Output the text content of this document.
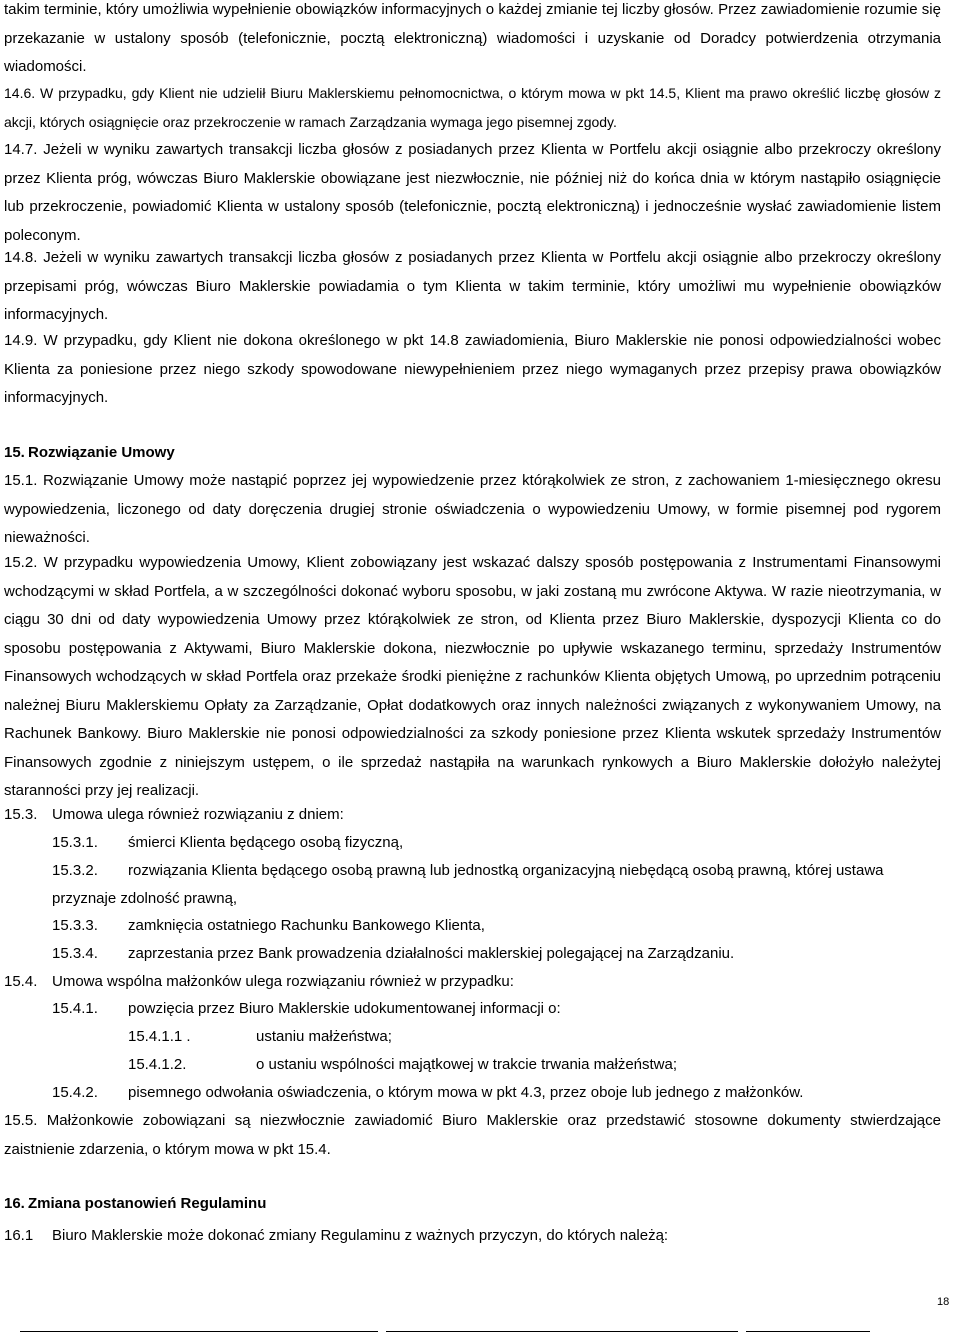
takim terminie, który umożliwia wypełnienie obowiązków informacyjnych o każdej zmianie tej liczby głosów. Przez zawiadomienie rozumie się przekazanie w ustalony sposób (telefonicznie, pocztą elektroniczną) wiadomości i uzyskanie od Doradcy potwierdzenia otrzymania wiadomości.
14.6. W przypadku, gdy Klient nie udzielił Biuru Maklerskiemu pełnomocnictwa, o którym mowa w pkt 14.5, Klient ma prawo określić liczbę głosów z akcji, których osiągnięcie oraz przekroczenie w ramach Zarządzania wymaga jego pisemnej zgody.
14.7. Jeżeli w wyniku zawartych transakcji liczba głosów z posiadanych przez Klienta w Portfelu akcji osiągnie albo przekroczy określony przez Klienta próg, wówczas Biuro Maklerskie obowiązane jest niezwłocznie, nie później niż do końca dnia w którym nastąpiło osiągnięcie lub przekroczenie, powiadomić Klienta w ustalony sposób (telefonicznie, pocztą elektroniczną) i jednocześnie wysłać zawiadomienie listem poleconym.
14.8. Jeżeli w wyniku zawartych transakcji liczba głosów z posiadanych przez Klienta w Portfelu akcji osiągnie albo przekroczy określony przepisami próg, wówczas Biuro Maklerskie powiadamia o tym Klienta w takim terminie, który umożliwi mu wypełnienie obowiązków informacyjnych.
14.9. W przypadku, gdy Klient nie dokona określonego w pkt 14.8 zawiadomienia, Biuro Maklerskie nie ponosi odpowiedzialności wobec Klienta za poniesione przez niego szkody spowodowane niewypełnieniem przez niego wymaganych przez przepisy prawa obowiązków informacyjnych.
15. Rozwiązanie Umowy
15.1. Rozwiązanie Umowy może nastąpić poprzez jej wypowiedzenie przez którąkolwiek ze stron, z zachowaniem 1-miesięcznego okresu wypowiedzenia, liczonego od daty doręczenia drugiej stronie oświadczenia o wypowiedzeniu Umowy, w formie pisemnej pod rygorem nieważności.
15.2. W przypadku wypowiedzenia Umowy, Klient zobowiązany jest wskazać dalszy sposób postępowania z Instrumentami Finansowymi wchodzącymi w skład Portfela, a w szczególności dokonać wyboru sposobu, w jaki zostaną mu zwrócone Aktywa. W razie nieotrzymania, w ciągu 30 dni od daty wypowiedzenia Umowy przez którąkolwiek ze stron, od Klienta przez Biuro Maklerskie, dyspozycji Klienta co do sposobu postępowania z Aktywami, Biuro Maklerskie dokona, niezwłocznie po upływie wskazanego terminu, sprzedaży Instrumentów Finansowych wchodzących w skład Portfela oraz przekaże środki pieniężne z rachunków Klienta objętych Umową, po uprzednim potrąceniu należnej Biuru Maklerskiemu Opłaty za Zarządzanie, Opłat dodatkowych oraz innych należności związanych z wykonywaniem Umowy, na Rachunek Bankowy. Biuro Maklerskie nie ponosi odpowiedzialności za szkody poniesione przez Klienta wskutek sprzedaży Instrumentów Finansowych zgodnie z niniejszym ustępem, o ile sprzedaż nastąpiła na warunkach rynkowych a Biuro Maklerskie dołożyło należytej staranności przy jej realizacji.
15.3. Umowa ulega również rozwiązaniu z dniem:
15.3.1. śmierci Klienta będącego osobą fizyczną,
15.3.2. rozwiązania Klienta będącego osobą prawną lub jednostką organizacyjną niebędącą osobą prawną, której ustawa
przyznaje zdolność prawną,
15.3.3. zamknięcia ostatniego Rachunku Bankowego Klienta,
15.3.4. zaprzestania przez Bank prowadzenia działalności maklerskiej polegającej na Zarządzaniu.
15.4. Umowa wspólna małżonków ulega rozwiązaniu również w przypadku:
15.4.1. powzięcia przez Biuro Maklerskie udokumentowanej informacji o:
15.4.1.1 .	ustaniu małżeństwa;
15.4.1.2.	o ustaniu wspólności majątkowej w trakcie trwania małżeństwa;
15.4.2. pisemnego odwołania oświadczenia, o którym mowa w pkt 4.3, przez oboje lub jednego z małżonków.
15.5. Małżonkowie zobowiązani są niezwłocznie zawiadomić Biuro Maklerskie oraz przedstawić stosowne dokumenty stwierdzające zaistnienie zdarzenia, o którym mowa w pkt 15.4.
16. Zmiana postanowień Regulaminu
16.1 Biuro Maklerskie może dokonać zmiany Regulaminu z ważnych przyczyn, do których należą:
18
